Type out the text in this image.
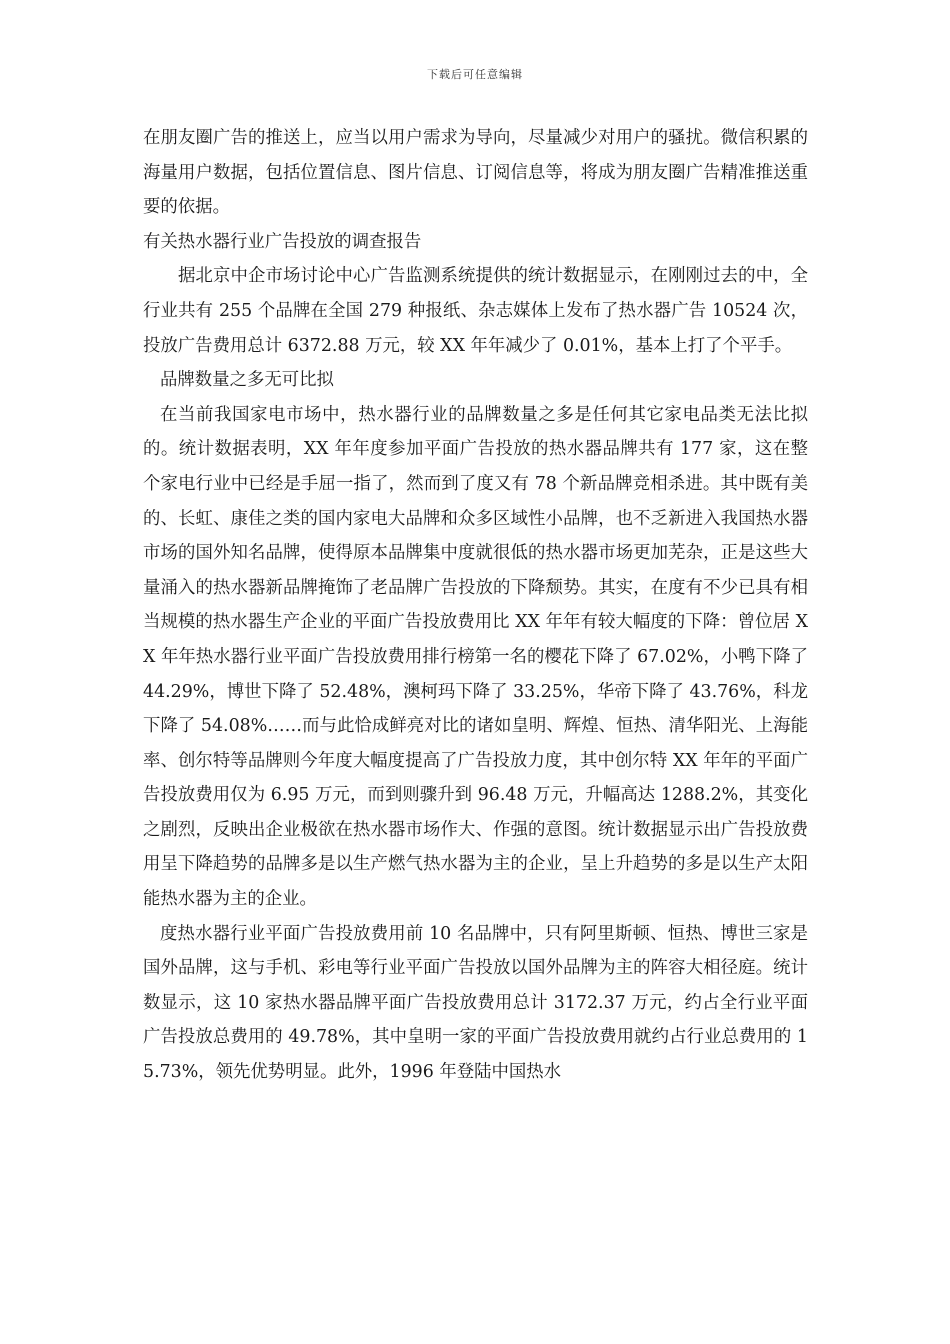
下载后可任意编辑

在朋友圈广告的推送上，应当以用户需求为导向，尽量减少对用户的骚扰。微信积累的海量用户数据，包括位置信息、图片信息、订阅信息等，将成为朋友圈广告精准推送重要的依据。

有关热水器行业广告投放的调查报告

据北京中企市场讨论中心广告监测系统提供的统计数据显示，在刚刚过去的中，全行业共有 255 个品牌在全国 279 种报纸、杂志媒体上发布了热水器广告 10524 次，投放广告费用总计 6372.88 万元，较 XX 年年减少了 0.01%，基本上打了个平手。

品牌数量之多无可比拟

在当前我国家电市场中，热水器行业的品牌数量之多是任何其它家电品类无法比拟的。统计数据表明，XX 年年度参加平面广告投放的热水器品牌共有 177 家，这在整个家电行业中已经是手屈一指了，然而到了度又有 78 个新品牌竞相杀进。其中既有美的、长虹、康佳之类的国内家电大品牌和众多区域性小品牌，也不乏新进入我国热水器市场的国外知名品牌，使得原本品牌集中度就很低的热水器市场更加芜杂，正是这些大量涌入的热水器新品牌掩饰了老品牌广告投放的下降颓势。其实，在度有不少已具有相当规模的热水器生产企业的平面广告投放费用比 XX 年年有较大幅度的下降：曾位居 XX 年年热水器行业平面广告投放费用排行榜第一名的樱花下降了 67.02%，小鸭下降了 44.29%，博世下降了 52.48%，澳柯玛下降了 33.25%，华帝下降了 43.76%，科龙下降了 54.08%……而与此恰成鲜亮对比的诸如皇明、辉煌、恒热、清华阳光、上海能率、创尔特等品牌则今年度大幅度提高了广告投放力度，其中创尔特 XX 年年的平面广告投放费用仅为 6.95 万元，而到则骤升到 96.48 万元，升幅高达 1288.2%，其变化之剧烈，反映出企业极欲在热水器市场作大、作强的意图。统计数据显示出广告投放费用呈下降趋势的品牌多是以生产燃气热水器为主的企业，呈上升趋势的多是以生产太阳能热水器为主的企业。

度热水器行业平面广告投放费用前 10 名品牌中，只有阿里斯顿、恒热、博世三家是国外品牌，这与手机、彩电等行业平面广告投放以国外品牌为主的阵容大相径庭。统计数显示，这 10 家热水器品牌平面广告投放费用总计 3172.37 万元，约占全行业平面广告投放总费用的 49.78%，其中皇明一家的平面广告投放费用就约占行业总费用的 15.73%，领先优势明显。此外，1996 年登陆中国热水
